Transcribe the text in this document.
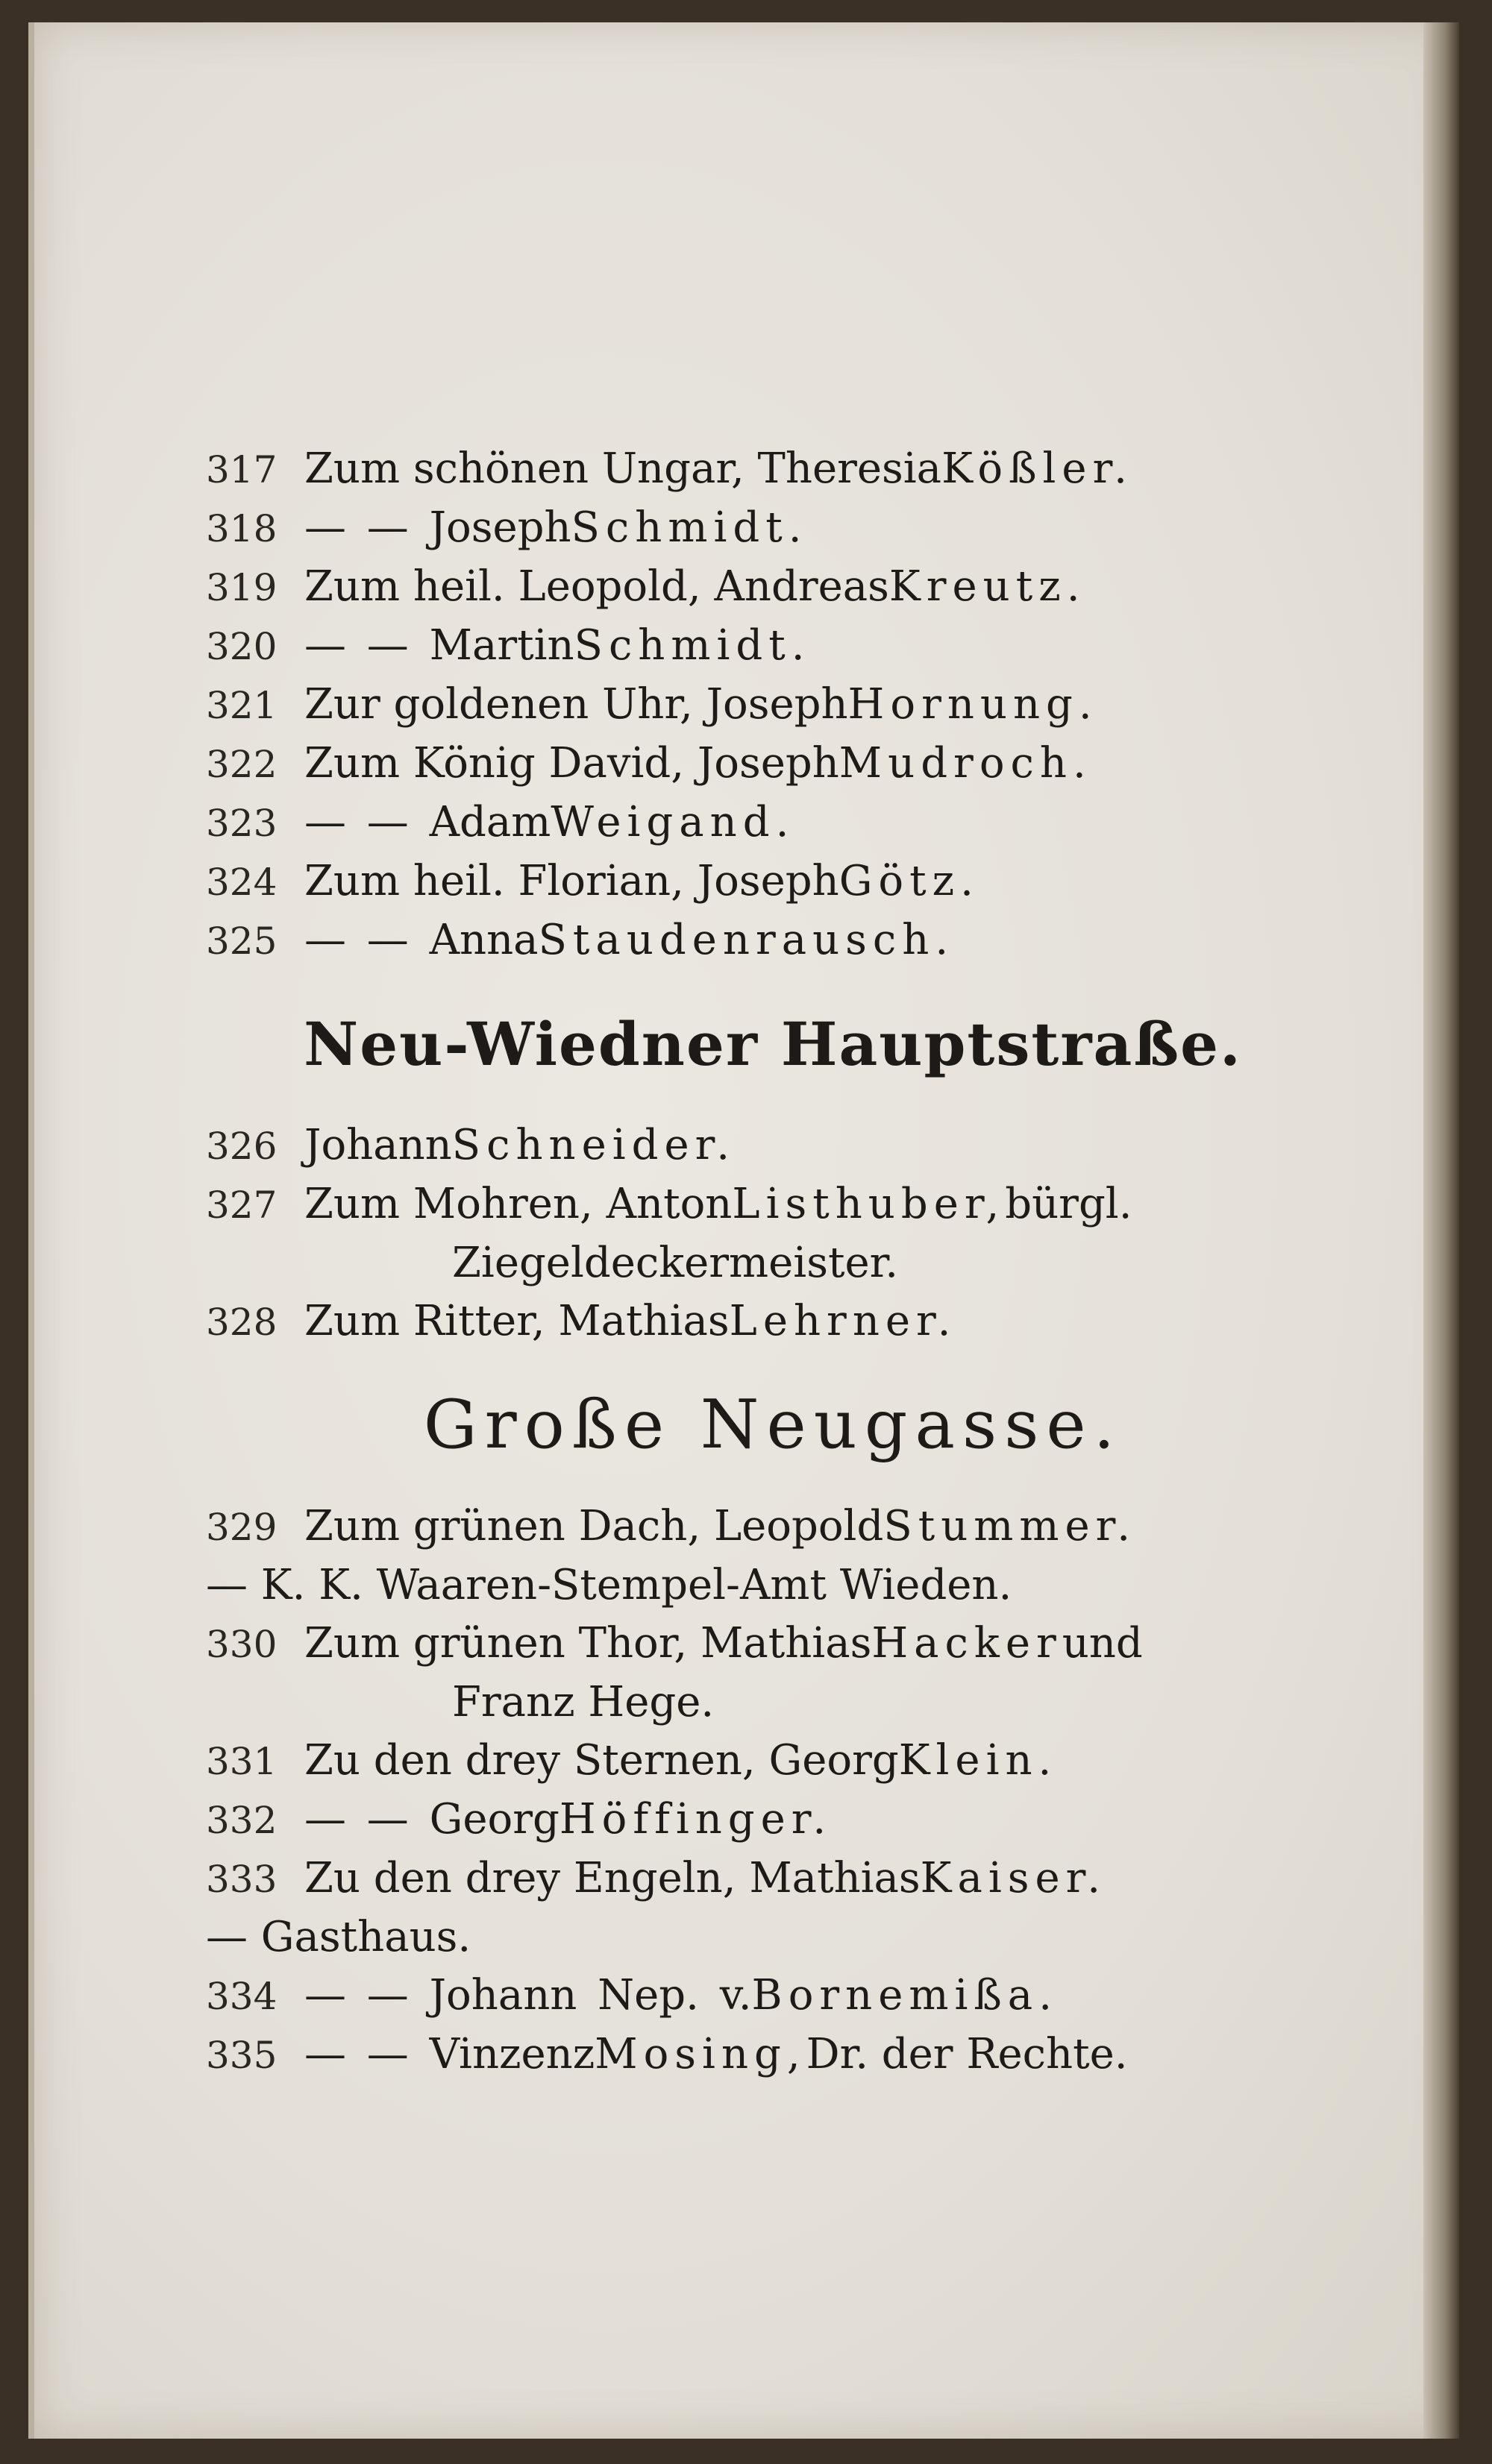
317 Zum schönen Ungar, Theresia Kößler.
318 — — Joseph Schmidt.
319 Zum heil. Leopold, Andreas Kreutz.
320 — — Martin Schmidt.
321 Zur goldenen Uhr, Joseph Hornung.
322 Zum König David, Joseph Mudroch.
323 — — Adam Weigand.
324 Zum heil. Florian, Joseph Götz.
325 — — Anna Staudenrausch.
Neu-Wiedner Hauptstraße.
326 Johann Schneider.
327 Zum Mohren, Anton Listhuber, bürgl.
Ziegeldeckermeister.
328 Zum Ritter, Mathias Lehrner.
Große Neugasse.
329 Zum grünen Dach, Leopold Stummer.
— K. K. Waaren-Stempel-Amt Wieden.
330 Zum grünen Thor, Mathias Hacker und
Franz Hege.
331 Zu den drey Sternen, Georg Klein.
332 — — Georg Höffinger.
333 Zu den drey Engeln, Mathias Kaiser.
— Gasthaus.
334 — — Johann Nep. v. Bornemißa.
335 — — Vinzenz Mosing, Dr. der Rechte.
